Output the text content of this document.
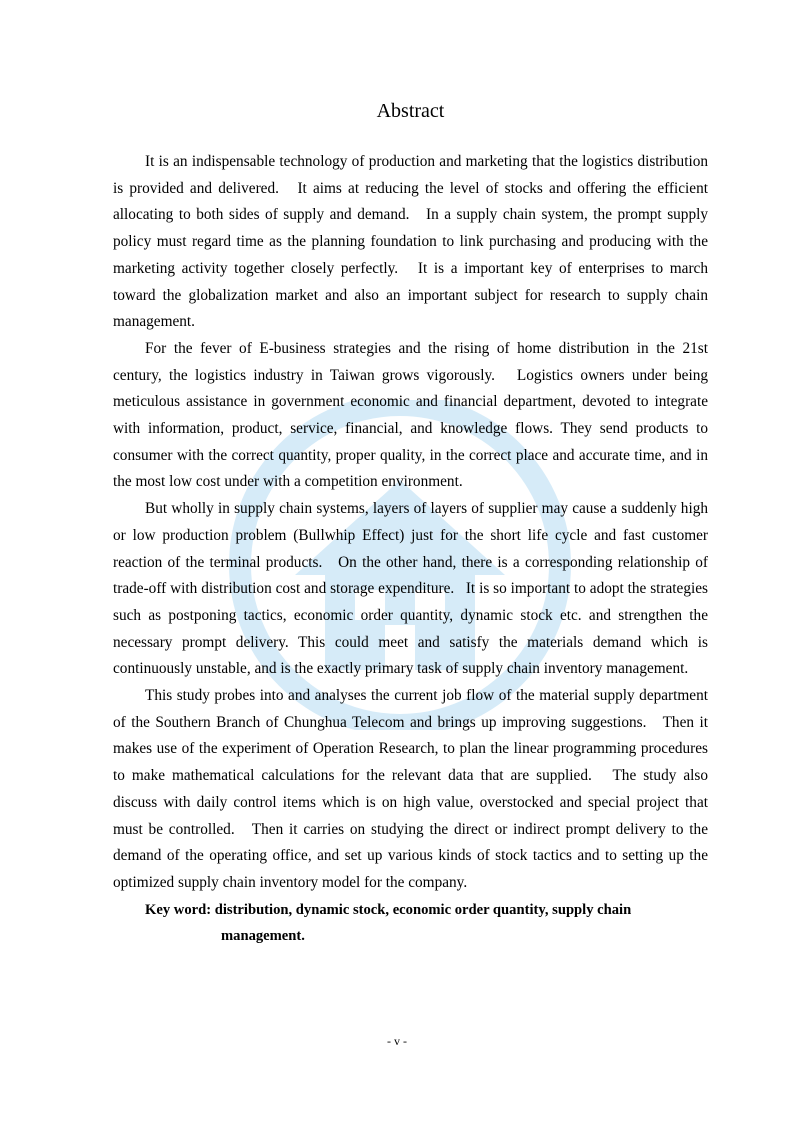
Abstract

It is an indispensable technology of production and marketing that the logistics distribution is provided and delivered.   It aims at reducing the level of stocks and offering the efficient allocating to both sides of supply and demand.   In a supply chain system, the prompt supply policy must regard time as the planning foundation to link purchasing and producing with the marketing activity together closely perfectly.   It is a important key of enterprises to march toward the globalization market and also an important subject for research to supply chain management.

For the fever of E-business strategies and the rising of home distribution in the 21st century, the logistics industry in Taiwan grows vigorously.   Logistics owners under being meticulous assistance in government economic and financial department, devoted to integrate with information, product, service, financial, and knowledge flows. They send products to consumer with the correct quantity, proper quality, in the correct place and accurate time, and in the most low cost under with a competition environment.

But wholly in supply chain systems, layers of layers of supplier may cause a suddenly high or low production problem (Bullwhip Effect) just for the short life cycle and fast customer reaction of the terminal products.   On the other hand, there is a corresponding relationship of trade-off with distribution cost and storage expenditure.   It is so important to adopt the strategies such as postponing tactics, economic order quantity, dynamic stock etc. and strengthen the necessary prompt delivery. This could meet and satisfy the materials demand which is continuously unstable, and is the exactly primary task of supply chain inventory management.

This study probes into and analyses the current job flow of the material supply department of the Southern Branch of Chunghua Telecom and brings up improving suggestions.   Then it makes use of the experiment of Operation Research, to plan the linear programming procedures to make mathematical calculations for the relevant data that are supplied.   The study also discuss with daily control items which is on high value, overstocked and special project that must be controlled.   Then it carries on studying the direct or indirect prompt delivery to the demand of the operating office, and set up various kinds of stock tactics and to setting up the optimized supply chain inventory model for the company.

Key word: distribution, dynamic stock, economic order quantity, supply chain
management.
- v -
